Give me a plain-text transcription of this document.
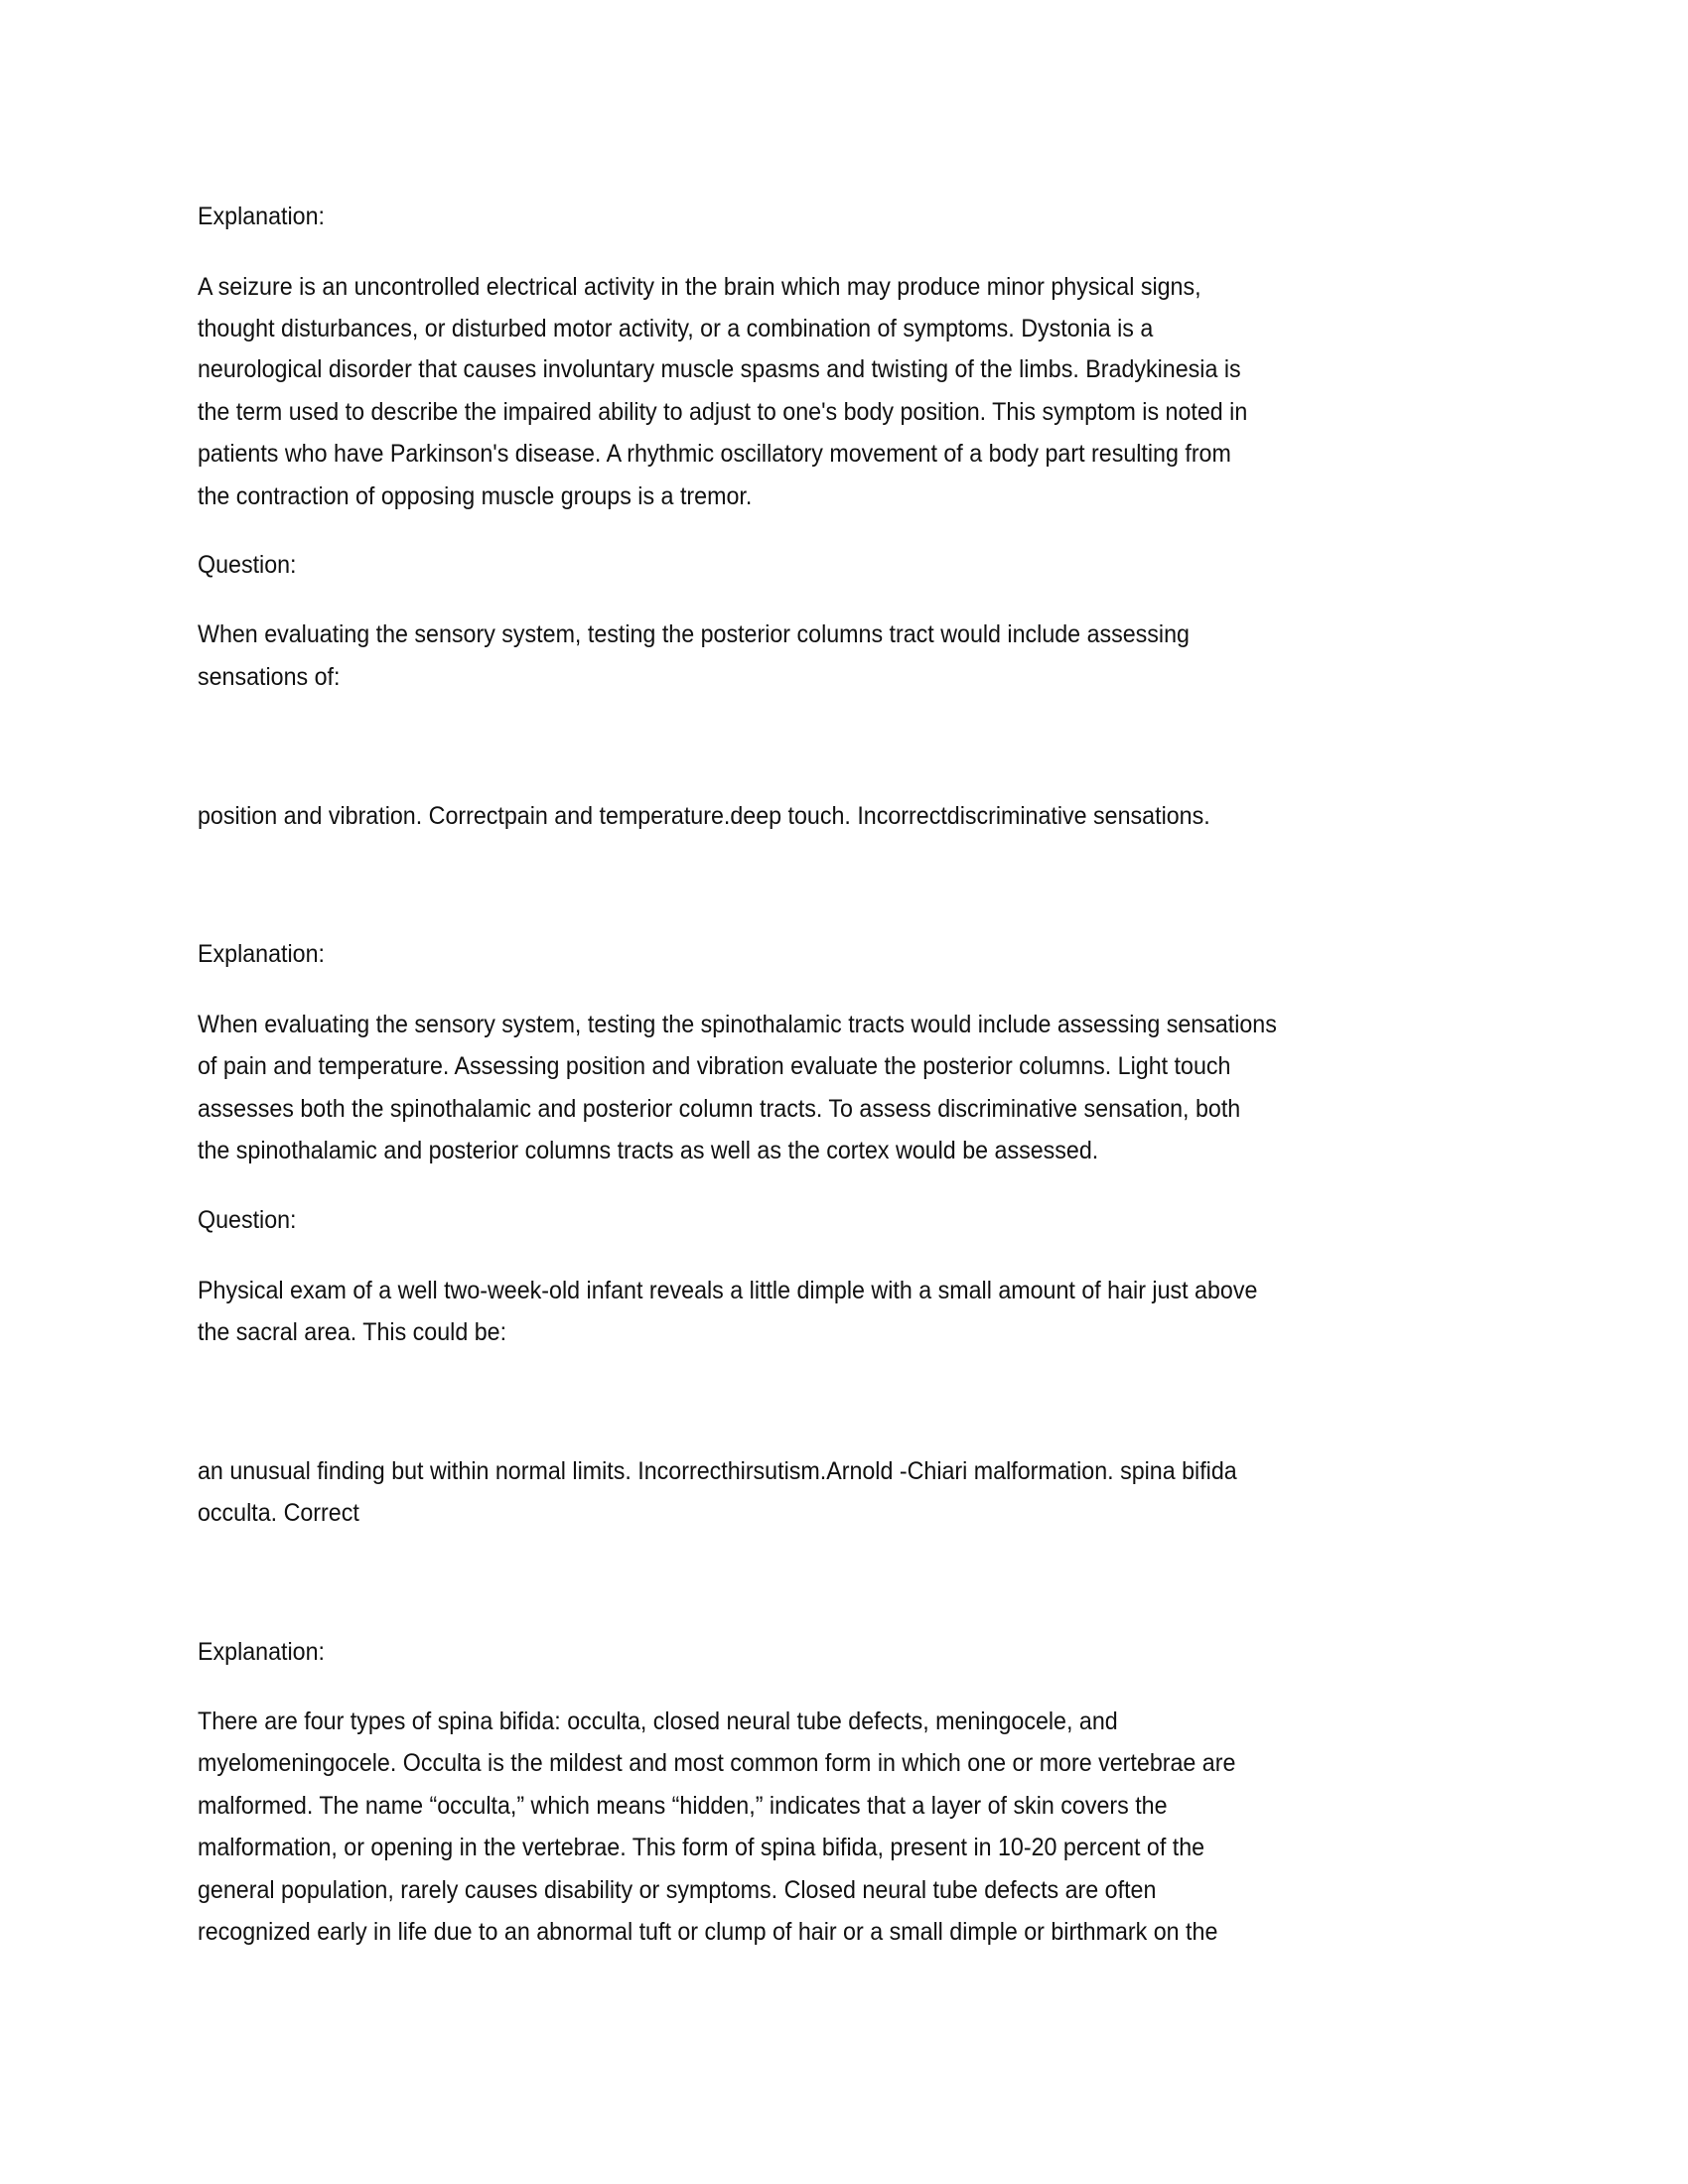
Explanation:
A seizure is an uncontrolled electrical activity in the brain which may produce minor physical signs,
thought disturbances, or disturbed motor activity, or a combination of symptoms. Dystonia is a
neurological disorder that causes involuntary muscle spasms and twisting of the limbs. Bradykinesia is
the term used to describe the impaired ability to adjust to one's body position. This symptom is noted in
patients who have Parkinson's disease. A rhythmic oscillatory movement of a body part resulting from
the contraction of opposing muscle groups is a tremor.
Question:
When evaluating the sensory system, testing the posterior columns tract would include assessing
sensations of:
position and vibration. Correctpain and temperature.deep touch. Incorrectdiscriminative sensations.
Explanation:
When evaluating the sensory system, testing the spinothalamic tracts would include assessing sensations
of pain and temperature. Assessing position and vibration evaluate the posterior columns. Light touch
assesses both the spinothalamic and posterior column tracts. To assess discriminative sensation, both
the spinothalamic and posterior columns tracts as well as the cortex would be assessed.
Question:
Physical exam of a well two-week-old infant reveals a little dimple with a small amount of hair just above
the sacral area. This could be:
an unusual finding but within normal limits. Incorrecthirsutism.Arnold -Chiari malformation. spina bifida
occulta. Correct
Explanation:
There are four types of spina bifida: occulta, closed neural tube defects, meningocele, and
myelomeningocele. Occulta is the mildest and most common form in which one or more vertebrae are
malformed. The name “occulta,” which means “hidden,” indicates that a layer of skin covers the
malformation, or opening in the vertebrae. This form of spina bifida, present in 10-20 percent of the
general population, rarely causes disability or symptoms. Closed neural tube defects are often
recognized early in life due to an abnormal tuft or clump of hair or a small dimple or birthmark on the
